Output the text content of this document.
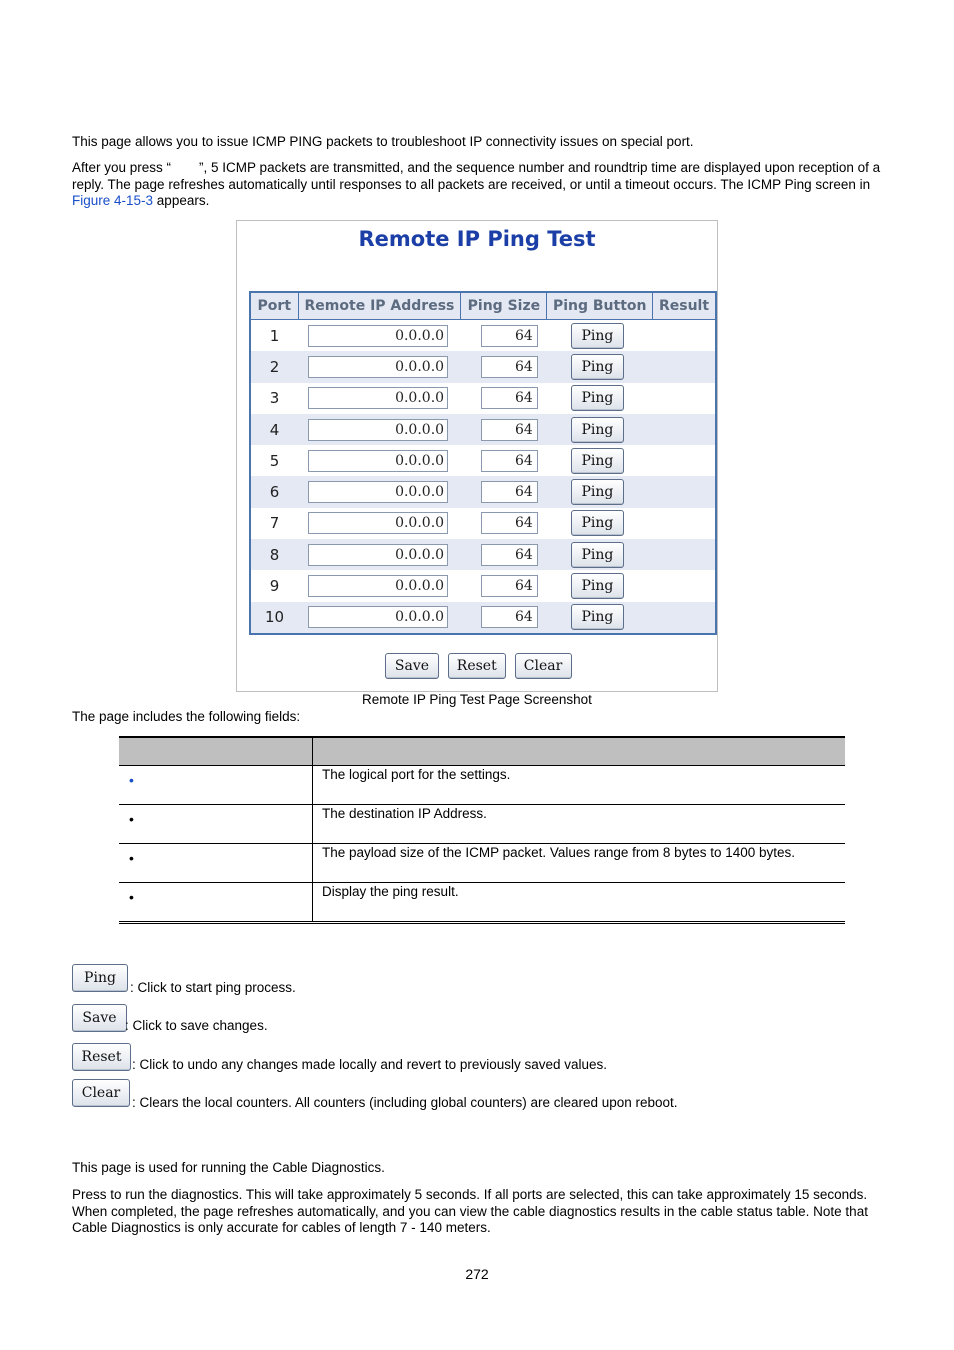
This page allows you to issue ICMP PING packets to troubleshoot IP connectivity issues on special port.

After you press “ ”, 5 ICMP packets are transmitted, and the sequence number and roundtrip time are displayed upon reception of a reply. The page refreshes automatically until responses to all packets are received, or until a timeout occurs. The ICMP Ping screen in Figure 4-15-3 appears.

Remote IP Ping Test
Port	Remote IP Address	Ping Size	Ping Button	Result
1	0.0.0.0	64	Ping	
2	0.0.0.0	64	Ping	
3	0.0.0.0	64	Ping	
4	0.0.0.0	64	Ping	
5	0.0.0.0	64	Ping	
6	0.0.0.0	64	Ping	
7	0.0.0.0	64	Ping	
8	0.0.0.0	64	Ping	
9	0.0.0.0	64	Ping	
10	0.0.0.0	64	Ping	
Save Reset Clear
Remote IP Ping Test Page Screenshot

The page includes the following fields:

•	The logical port for the settings.
•	The destination IP Address.
•	The payload size of the ICMP packet. Values range from 8 bytes to 1400 bytes.
•	Display the ping result.
Ping
: Click to start ping process.
Save : Click to save changes.
Reset : Click to undo any changes made locally and revert to previously saved values.
Clear
: Clears the local counters. All counters (including global counters) are cleared upon reboot.

This page is used for running the Cable Diagnostics.

Press to run the diagnostics. This will take approximately 5 seconds. If all ports are selected, this can take approximately 15 seconds. When completed, the page refreshes automatically, and you can view the cable diagnostics results in the cable status table. Note that Cable Diagnostics is only accurate for cables of length 7 - 140 meters.

272
